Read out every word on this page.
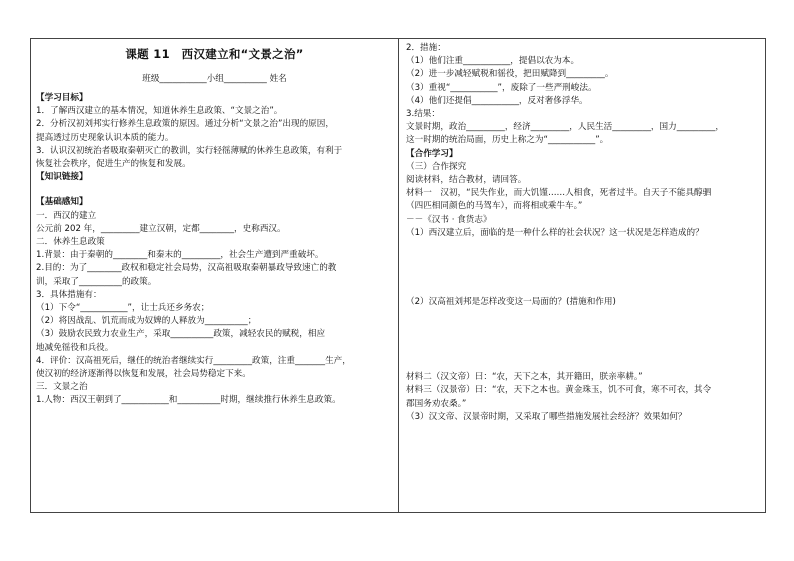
课题 11　西汉建立和“文景之治”
班级___________小组__________ 姓名
【学习目标】
1．了解西汉建立的基本情况，知道休养生息政策、“文景之治”。
2．分析汉初刘邦实行修养生息政策的原因。通过分析“文景之治”出现的原因，
提高透过历史现象认识本质的能力。
3．认识汉初统治者吸取秦朝灭亡的教训，实行轻徭薄赋的休养生息政策，有利于
恢复社会秩序，促进生产的恢复和发展。
【知识链接】
【基础感知】
一．西汉的建立
公元前 202 年，_________建立汉朝，定都________，史称西汉。
二．休养生息政策
1.背景：由于秦朝的________和秦末的_________，社会生产遭到严重破坏。
2.目的：为了________政权和稳定社会局势，汉高祖吸取秦朝暴政导致速亡的教
训，采取了__________的政策。
3．具体措施有：
（1）下令“___________”，让士兵还乡务农；
（2）将因战乱、饥荒而成为奴婢的人释放为__________；
（3）鼓励农民致力农业生产，采取__________政策，减轻农民的赋税，相应
地减免徭役和兵役。
4．评价：汉高祖死后，继任的统治者继续实行_________政策，注重_______生产，
使汉初的经济逐渐得以恢复和发展，社会局势稳定下来。
三．文景之治
1.人物：西汉王朝到了___________和__________时期，继续推行休养生息政策。
2．措施：
（1）他们注重___________，提倡以农为本。
（2）进一步减轻赋税和徭役，把田赋降到_________。
（3）重视“___________”，废除了一些严刑峻法。
（4）他们还提倡___________，反对奢侈浮华。
3.结果：
文景时期，政治_________，经济_________，人民生活_________，国力_________，
这一时期的统治局面，历史上称之为“___________”。
【合作学习】
（三）合作探究
阅读材料，结合教材，请回答。
材料一　汉初，“民失作业，而大饥馑……人相食，死者过半。自天子不能具醇驷
（四匹相同颜色的马驾车），而将相或乘牛车。”
－－《汉书 · 食货志》
（1）西汉建立后，面临的是一种什么样的社会状况？这一状况是怎样造成的？
（2）汉高祖刘邦是怎样改变这一局面的？(措施和作用)
材料二（汉文帝）曰：“农，天下之本，其开籍田，朕亲率耕。”
材料三（汉景帝）曰：“农，天下之本也。黄金珠玉，饥不可食，寒不可衣，其令
郡国务劝农桑。”
（3）汉文帝、汉景帝时期，又采取了哪些措施发展社会经济？效果如何？
